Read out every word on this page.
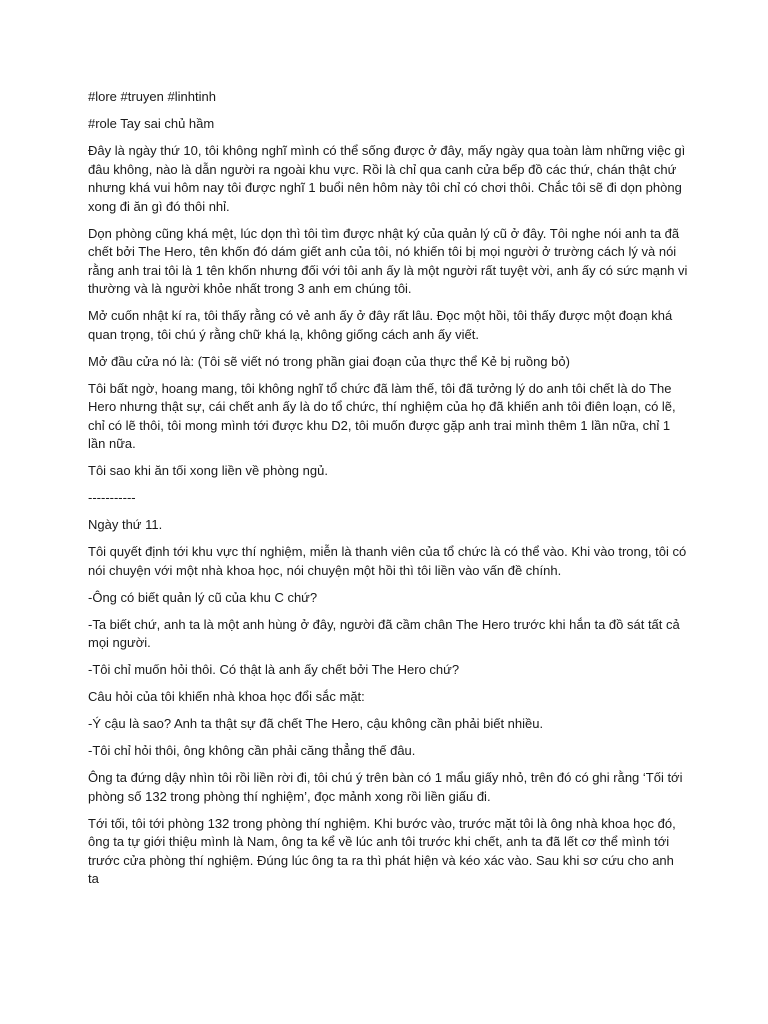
#lore #truyen #linhtinh

#role Tay sai chủ hầm

Đây là ngày thứ 10, tôi không nghĩ mình có thể sống được ở đây, mấy ngày qua toàn làm những việc gì đâu không, nào là dẫn người ra ngoài khu vực. Rồi là chỉ qua canh cửa bếp đồ các thứ, chán thật chứ nhưng khá vui hôm nay tôi được nghĩ 1 buổi nên hôm này tôi chỉ có chơi thôi. Chắc tôi sẽ đi dọn phòng xong đi ăn gì đó thôi nhỉ.

Dọn phòng cũng khá mệt, lúc dọn thì tôi tìm được nhật ký của quản lý cũ ở đây. Tôi nghe nói anh ta đã chết bởi The Hero, tên khốn đó dám giết anh của tôi, nó khiến tôi bị mọi người ở trường cách lý và nói rằng anh trai tôi là 1 tên khốn nhưng đối với tôi anh ấy là một người rất tuyệt vời, anh ấy có sức mạnh vi thường và là người khỏe nhất trong 3 anh em chúng tôi.

Mở cuốn nhật kí ra, tôi thấy rằng có vẻ anh ấy ở đây rất lâu. Đọc một hồi, tôi thấy được một đoạn khá quan trọng, tôi chú ý rằng chữ khá lạ, không giống cách anh ấy viết.

Mở đầu cửa nó là: (Tôi sẽ viết nó trong phần giai đoạn của thực thể Kẻ bị ruồng bỏ)

Tôi bất ngờ, hoang mang, tôi không nghĩ tổ chức đã làm thế, tôi đã tưởng lý do anh tôi chết là do The Hero nhưng thật sự, cái chết anh ấy là do tổ chức, thí nghiệm của họ đã khiến anh tôi điên loạn, có lẽ, chỉ có lẽ thôi, tôi mong mình tới được khu D2, tôi muốn được gặp anh trai mình thêm 1 lần nữa, chỉ 1 lần nữa.

Tôi sao khi ăn tối xong liền về phòng ngủ.

-----------

Ngày thứ 11.

Tôi quyết định tới khu vực thí nghiệm, miễn là thanh viên của tổ chức là có thể vào. Khi vào trong, tôi có nói chuyện với một nhà khoa học, nói chuyện một hồi thì tôi liền vào vấn đề chính.

-Ông có biết quản lý cũ của khu C chứ?

-Ta biết chứ, anh ta là một anh hùng ở đây, người đã cầm chân The Hero trước khi hắn ta đồ sát tất cả mọi người.

-Tôi chỉ muốn hỏi thôi. Có thật là anh ấy chết bởi The Hero chứ?

Câu hỏi của tôi khiến nhà khoa học đổi sắc mặt:

-Ý cậu là sao? Anh ta thật sự đã chết The Hero, cậu không cần phải biết nhiều.

-Tôi chỉ hỏi thôi, ông không cần phải căng thẳng thế đâu.

Ông ta đứng dậy nhìn tôi rồi liền rời đi, tôi chú ý trên bàn có 1 mẩu giấy nhỏ, trên đó có ghi rằng ‘Tối tới phòng số 132 trong phòng thí nghiệm’, đọc mảnh xong rồi liền giấu đi.

Tới tối, tôi tới phòng 132 trong phòng thí nghiệm. Khi bước vào, trước mặt tôi là ông nhà khoa học đó, ông ta tự giới thiệu mình là Nam, ông ta kể về lúc anh tôi trước khi chết, anh ta đã lết cơ thể mình tới trước cửa phòng thí nghiệm. Đúng lúc ông ta ra thì phát hiện và kéo xác vào. Sau khi sơ cứu cho anh ta
